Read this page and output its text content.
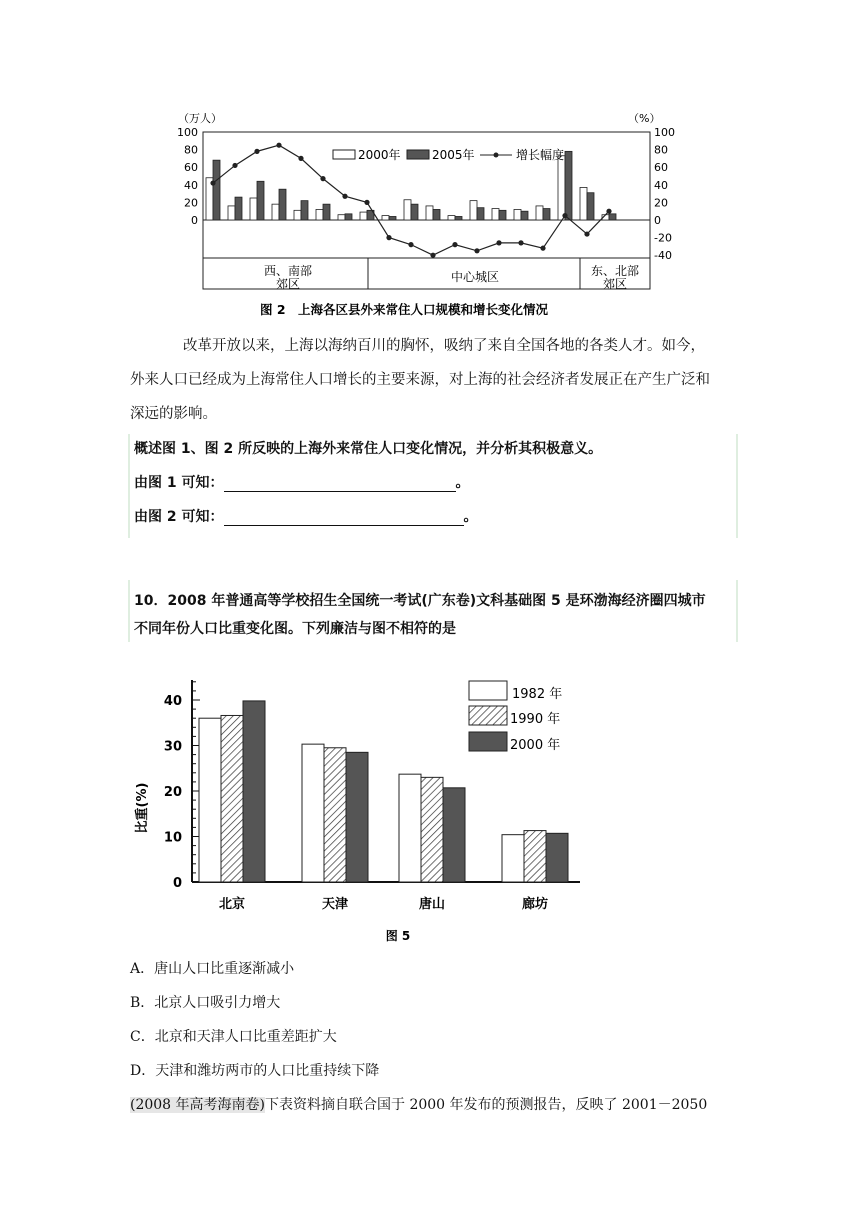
（万人）	（%）
100
80
60
40
20
0
100
80
60
40
20
0
-20
-40
2000年	2005年	增长幅度
西、南部
郊区	中心城区	东、北部
郊区
图 2　上海各区县外来常住人口规模和增长变化情况
改革开放以来，上海以海纳百川的胸怀，吸纳了来自全国各地的各类人才。如今，
外来人口已经成为上海常住人口增长的主要来源，对上海的社会经济者发展正在产生广泛和
深远的影响。
概述图 1、图 2 所反映的上海外来常住人口变化情况，并分析其积极意义。
由图 1 可知：	。
由图 2 可知：	。
10．2008 年普通高等学校招生全国统一考试(广东卷)文科基础图 5 是环渤海经济圈四城市
不同年份人口比重变化图。下列廉洁与图不相符的是
比重(%)
40
30
20
10
0
北京	天津	唐山	廊坊
1982 年
1990 年
2000 年
图 5
A．唐山人口比重逐渐减小
B．北京人口吸引力增大
C．北京和天津人口比重差距扩大
D．天津和潍坊两市的人口比重持续下降
(2008 年高考海南卷)下表资料摘自联合国于 2000 年发布的预测报告，反映了 2001－2050
